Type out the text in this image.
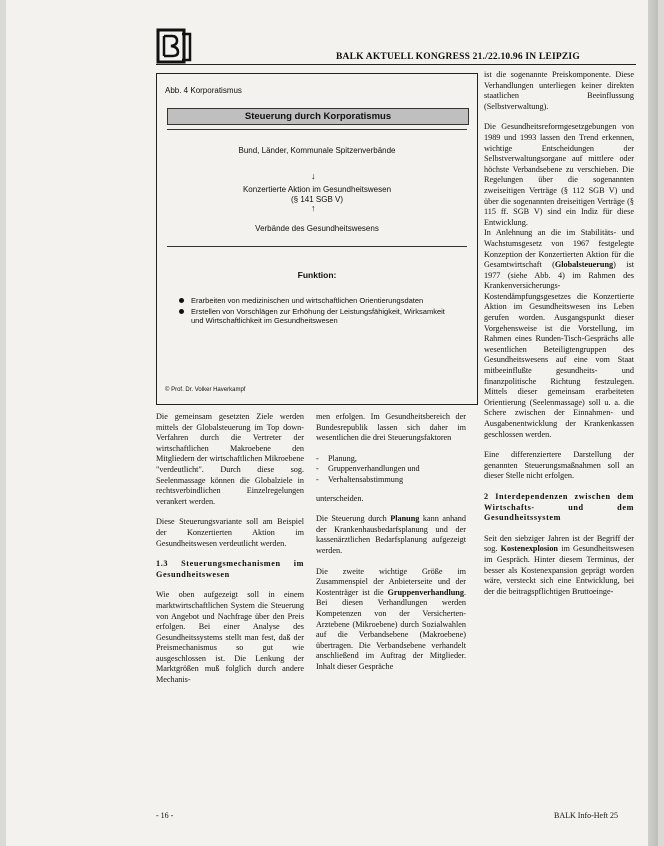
BALK AKTUELL KONGRESS 21./22.10.96 IN LEIPZIG
Abb. 4 Korporatismus
Steuerung durch Korporatismus
Bund, Länder, Kommunale Spitzenverbände
↓
Konzertierte Aktion im Gesundheitswesen
(§ 141 SGB V)
↑
Verbände des Gesundheitswesens
Funktion:
Erarbeiten von medizinischen und wirtschaftlichen Orientierungsdaten
Erstellen von Vorschlägen zur Erhöhung der Leistungsfähigkeit, Wirksamkeit und Wirtschaftlichkeit im Gesundheitswesen
© Prof. Dr. Volker Haverkampf

Die gemeinsam gesetzten Ziele werden mittels der Globalsteuerung im Top down-Verfahren durch die Vertreter der wirtschaftlichen Makroebene den Mitgliedern der wirtschaftlichen Mikroebene "verdeutlicht". Durch diese sog. Seelenmassage können die Globalziele in rechtsverbindlichen Einzelregelungen verankert werden.

Diese Steuerungsvariante soll am Beispiel der Konzertierten Aktion im Gesundheitswesen verdeutlicht werden.

1.3 Steuerungsmechanismen im Gesundheitswesen

Wie oben aufgezeigt soll in einem marktwirtschaftlichen System die Steuerung von Angebot und Nachfrage über den Preis erfolgen. Bei einer Analyse des Gesundheitssystems stellt man fest, daß der Preismechanismus so gut wie ausgeschlossen ist. Die Lenkung der Marktgrößen muß folglich durch andere Mechanis-

men erfolgen. Im Gesundheitsbereich der Bundesrepublik lassen sich daher im wesentlichen die drei Steuerungsfaktoren

- Planung,
- Gruppenverhandlungen und
- Verhaltensabstimmung

unterscheiden.

Die Steuerung durch Planung kann anhand der Krankenhausbedarfsplanung und der kassenärztlichen Bedarfsplanung aufgezeigt werden.

Die zweite wichtige Größe im Zusammenspiel der Anbieterseite und der Kostenträger ist die Gruppenverhandlung. Bei diesen Verhandlungen werden Kompetenzen von der Versicherten-Arztebene (Mikroebene) durch Sozialwahlen auf die Verbandsebene (Makroebene) übertragen. Die Verbandsebene verhandelt anschließend im Auftrag der Mitglieder. Inhalt dieser Gespräche

ist die sogenannte Preiskomponente. Diese Verhandlungen unterliegen keiner direkten staatlichen Beeinflussung (Selbstverwaltung).

Die Gesundheitsreformgesetzgebungen von 1989 und 1993 lassen den Trend erkennen, wichtige Entscheidungen der Selbstverwaltungsorgane auf mittlere oder höchste Verbandsebene zu verschieben. Die Regelungen über die sogenannten zweiseitigen Verträge (§ 112 SGB V) und über die sogenannten dreiseitigen Verträge (§ 115 ff. SGB V) sind ein Indiz für diese Entwicklung.

In Anlehnung an die im Stabilitäts- und Wachstumsgesetz von 1967 festgelegte Konzeption der Konzertierten Aktion für die Gesamtwirtschaft (Globalsteuerung) ist 1977 (siehe Abb. 4) im Rahmen des Krankenversicherungs-Kostendämpfungsgesetzes die Konzertierte Aktion im Gesundheitswesen ins Leben gerufen worden. Ausgangspunkt dieser Vorgehensweise ist die Vorstellung, im Rahmen eines Runden-Tisch-Gesprächs alle wesentlichen Beteiligtengruppen des Gesundheitswesens auf eine vom Staat mitbeeinflußte gesundheits- und finanzpolitische Richtung festzulegen. Mittels dieser gemeinsam erarbeiteten Orientierung (Seelenmassage) soll u. a. die Schere zwischen der Einnahmen- und Ausgabenentwicklung der Krankenkassen geschlossen werden.

Eine differenziertere Darstellung der genannten Steuerungsmaßnahmen soll an dieser Stelle nicht erfolgen.

2 Interdependenzen zwischen dem Wirtschafts- und dem Gesundheitssystem

Seit den siebziger Jahren ist der Begriff der sog. Kostenexplosion im Gesundheitswesen im Gespräch. Hinter diesem Terminus, der besser als Kostenexpansion geprägt worden wäre, versteckt sich eine Entwicklung, bei der die beitragspflichtigen Bruttoeinge-

- 16 -	BALK Info-Heft 25
